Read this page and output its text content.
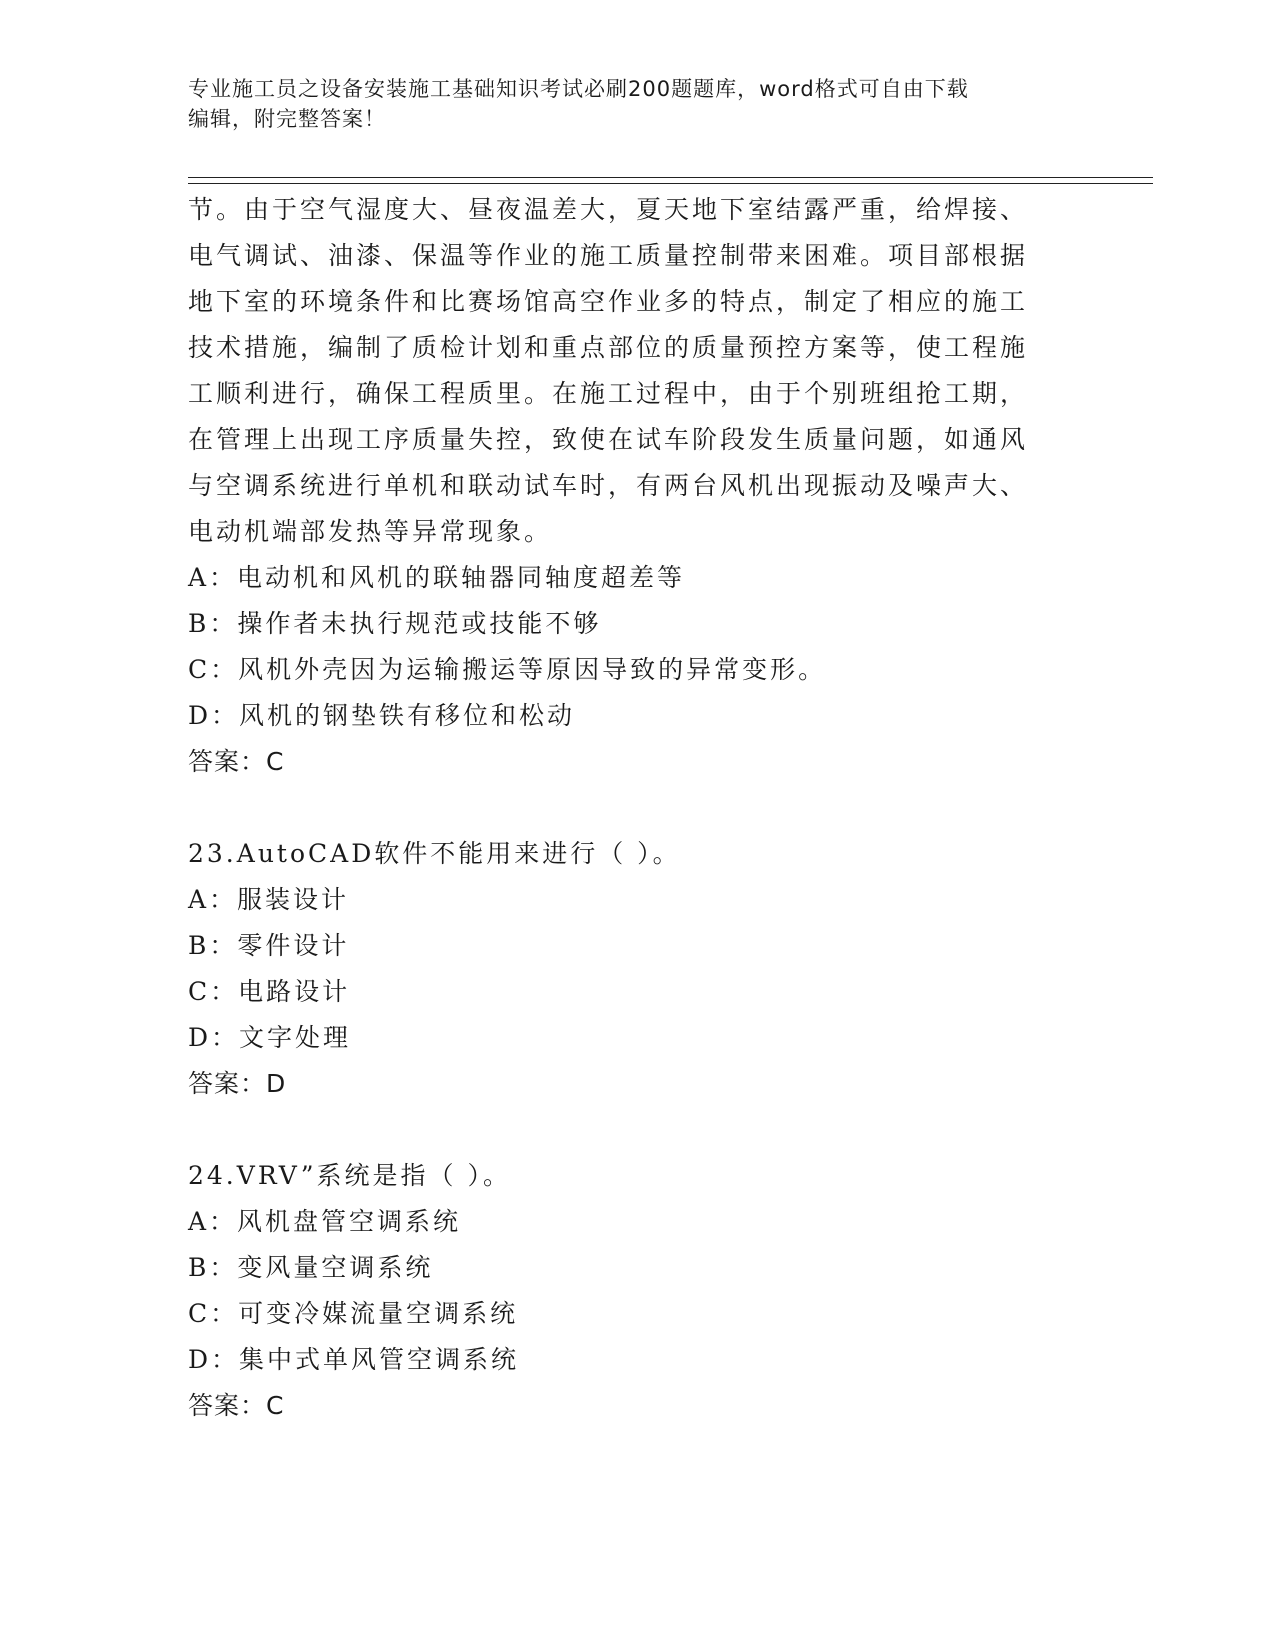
专业施工员之设备安装施工基础知识考试必刷200题题库，word格式可自由下载
编辑，附完整答案！
节。由于空气湿度大、昼夜温差大，夏天地下室结露严重，给焊接、
电气调试、油漆、保温等作业的施工质量控制带来困难。项目部根据
地下室的环境条件和比赛场馆高空作业多的特点，制定了相应的施工
技术措施，编制了质检计划和重点部位的质量预控方案等，使工程施
工顺利进行，确保工程质里。在施工过程中，由于个别班组抢工期，
在管理上出现工序质量失控，致使在试车阶段发生质量问题，如通风
与空调系统进行单机和联动试车时，有两台风机出现振动及噪声大、
电动机端部发热等异常现象。
A：电动机和风机的联轴器同轴度超差等
B：操作者未执行规范或技能不够
C：风机外壳因为运输搬运等原因导致的异常变形。
D：风机的钢垫铁有移位和松动
答案：C
23.AutoCAD软件不能用来进行（ ）。
A：服装设计
B：零件设计
C：电路设计
D：文字处理
答案：D
24.VRV”系统是指（ ）。
A：风机盘管空调系统
B：变风量空调系统
C：可变冷媒流量空调系统
D：集中式单风管空调系统
答案：C
